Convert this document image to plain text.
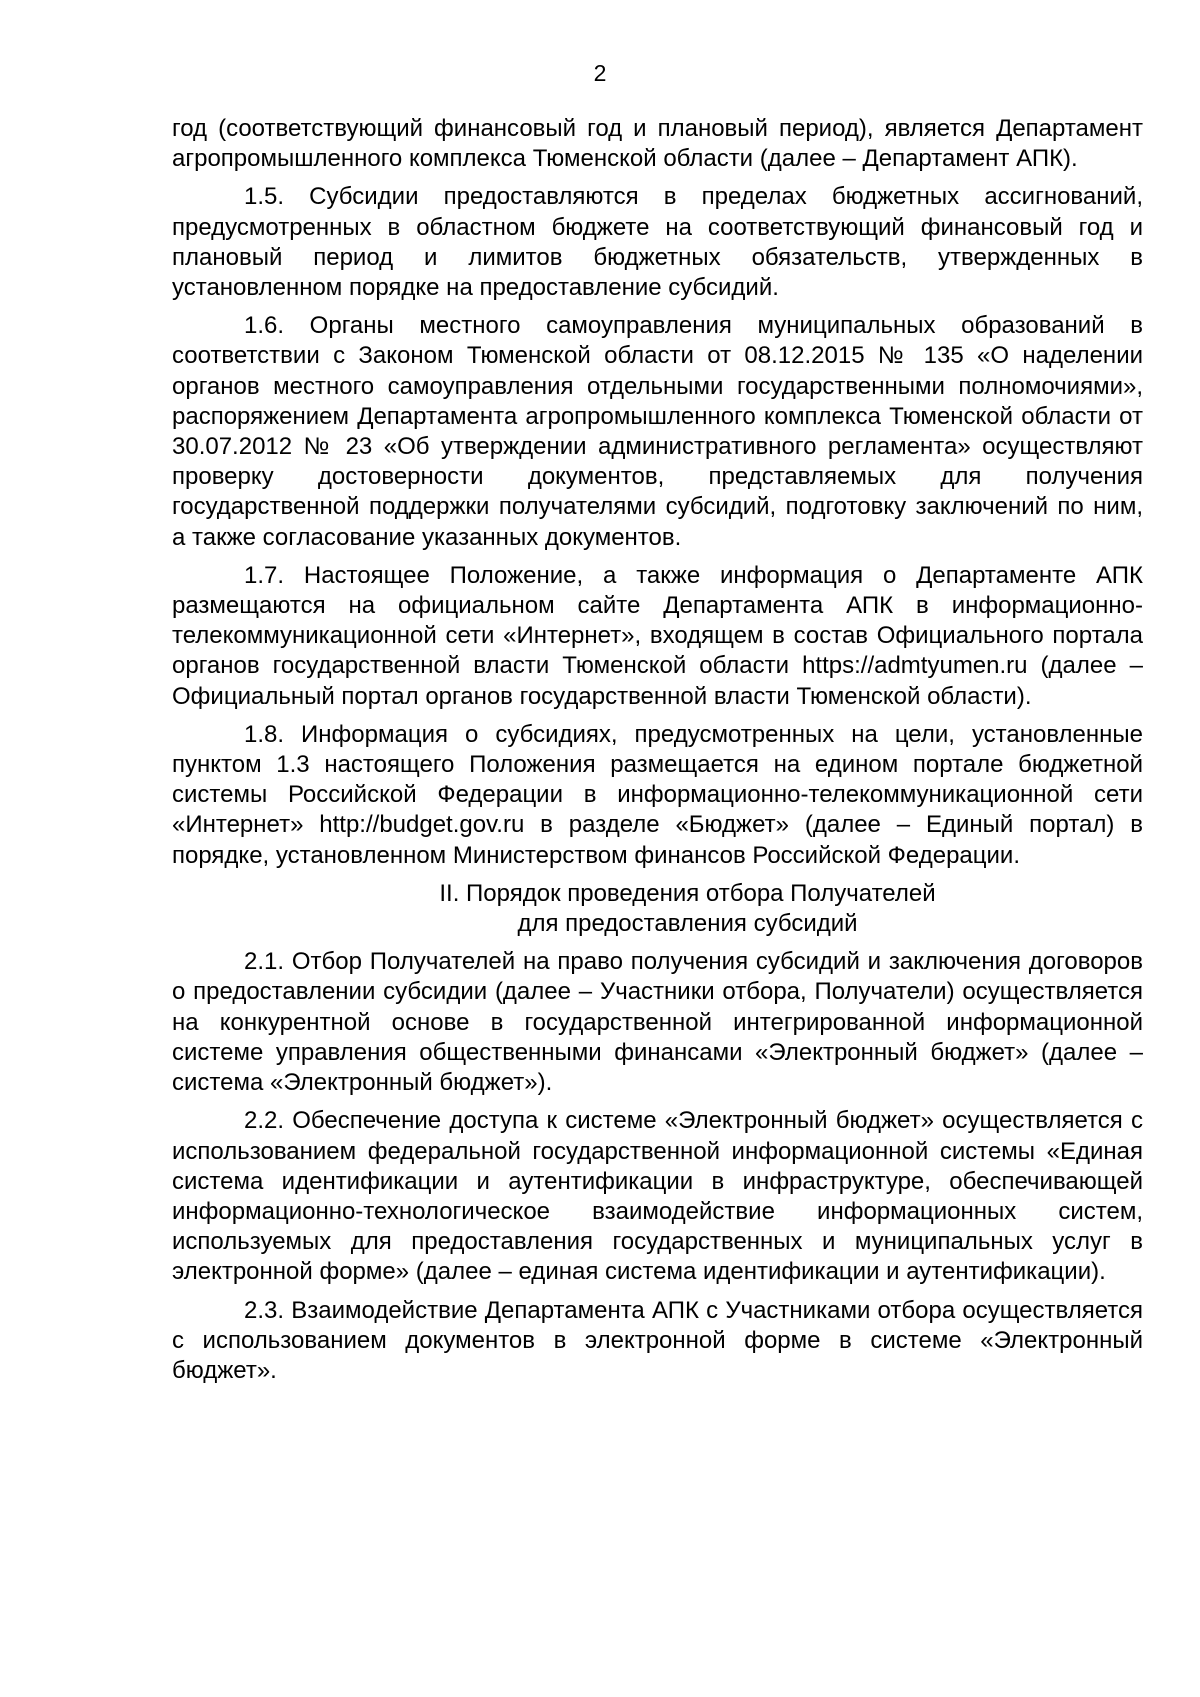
2

год (соответствующий финансовый год и плановый период), является Департамент агропромышленного комплекса Тюменской области (далее – Департамент АПК).

1.5. Субсидии предоставляются в пределах бюджетных ассигнований, предусмотренных в областном бюджете на соответствующий финансовый год и плановый период и лимитов бюджетных обязательств, утвержденных в установленном порядке на предоставление субсидий.

1.6. Органы местного самоуправления муниципальных образований в соответствии с Законом Тюменской области от 08.12.2015 № 135 «О наделении органов местного самоуправления отдельными государственными полномочиями», распоряжением Департамента агропромышленного комплекса Тюменской области от 30.07.2012 № 23 «Об утверждении административного регламента» осуществляют проверку достоверности документов, представляемых для получения государственной поддержки получателями субсидий, подготовку заключений по ним, а также согласование указанных документов.

1.7. Настоящее Положение, а также информация о Департаменте АПК размещаются на официальном сайте Департамента АПК в информационно-телекоммуникационной сети «Интернет», входящем в состав Официального портала органов государственной власти Тюменской области https://admtyumen.ru (далее – Официальный портал органов государственной власти Тюменской области).

1.8. Информация о субсидиях, предусмотренных на цели, установленные пунктом 1.3 настоящего Положения размещается на едином портале бюджетной системы Российской Федерации в информационно-телекоммуникационной сети «Интернет» http://budget.gov.ru в разделе «Бюджет» (далее – Единый портал) в порядке, установленном Министерством финансов Российской Федерации.

II. Порядок проведения отбора Получателей
для предоставления субсидий

2.1. Отбор Получателей на право получения субсидий и заключения договоров о предоставлении субсидии (далее – Участники отбора, Получатели) осуществляется на конкурентной основе в государственной интегрированной информационной системе управления общественными финансами «Электронный бюджет» (далее – система «Электронный бюджет»).

2.2. Обеспечение доступа к системе «Электронный бюджет» осуществляется с использованием федеральной государственной информационной системы «Единая система идентификации и аутентификации в инфраструктуре, обеспечивающей информационно-технологическое взаимодействие информационных систем, используемых для предоставления государственных и муниципальных услуг в электронной форме» (далее – единая система идентификации и аутентификации).

2.3. Взаимодействие Департамента АПК с Участниками отбора осуществляется с использованием документов в электронной форме в системе «Электронный бюджет».
